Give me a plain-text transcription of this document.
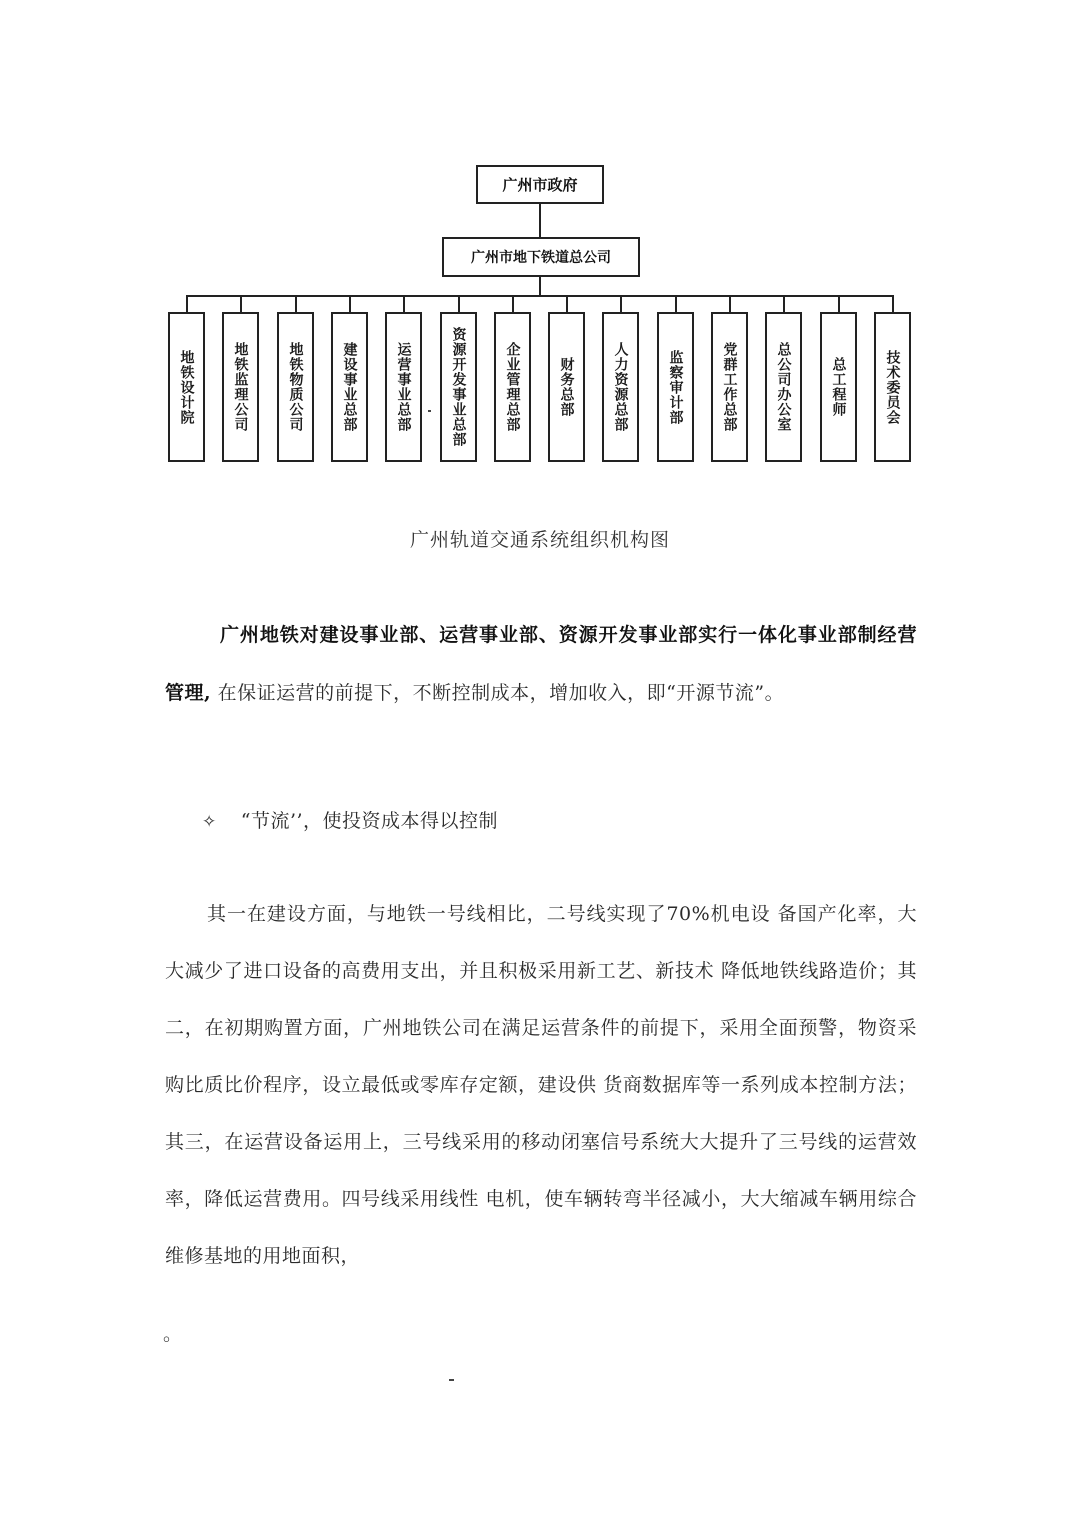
广州市政府
广州市地下铁道总公司
地铁设计院	地铁监理公司	地铁物质公司	建设事业总部	运营事业总部	资源开发事业总部	企业管理总部	财务总部	人力资源总部	监察审计部	党群工作总部	总公司办公室	总工程师	技术委员会
广州轨道交通系统组织机构图
广州地铁对建设事业部、运营事业部、资源开发事业部实行一体化事业部制经营管理, 在保证运营的前提下，不断控制成本，增加收入，即“开源节流”。
✧ “节流’’，使投资成本得以控制
其一在建设方面，与地铁一号线相比，二号线实现了70%机电设 备国产化率，大大减少了进口设备的高费用支出，并且积极采用新工艺、新技术 降低地铁线路造价；其二，在初期购置方面，广州地铁公司在满足运营条件的前提下，采用全面预警，物资采购比质比价程序，设立最低或零库存定额，建设供 货商数据库等一系列成本控制方法；其三，在运营设备运用上，三号线采用的移动闭塞信号系统大大提升了三号线的运营效率，降低运营费用。四号线采用线性 电机，使车辆转弯半径减小，大大缩减车辆用综合维修基地的用地面积，
。
